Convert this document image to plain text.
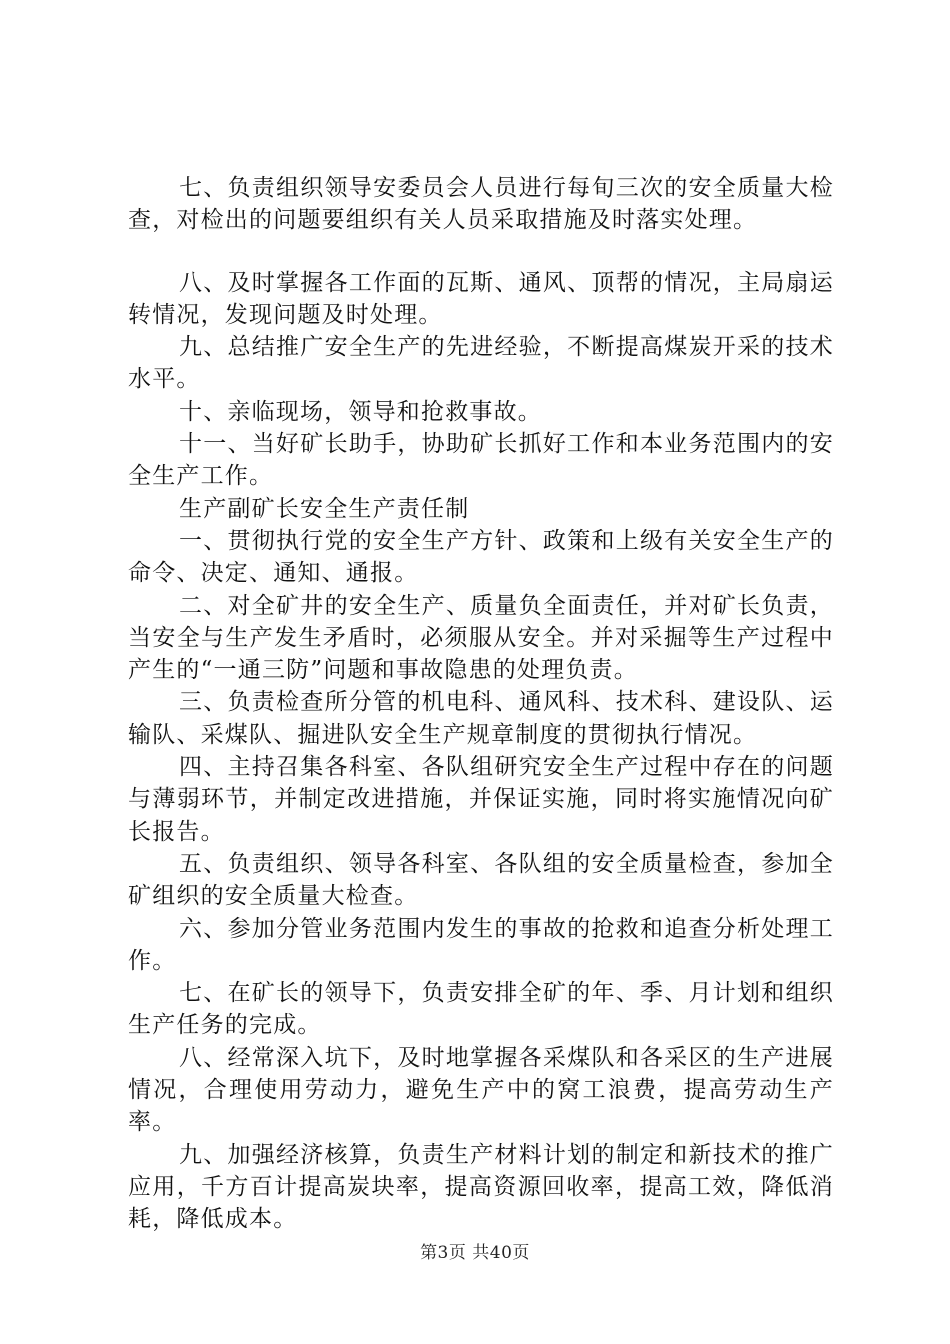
七、负责组织领导安委员会人员进行每旬三次的安全质量大检查，对检出的问题要组织有关人员采取措施及时落实处理。

八、及时掌握各工作面的瓦斯、通风、顶帮的情况，主局扇运转情况，发现问题及时处理。

九、总结推广安全生产的先进经验，不断提高煤炭开采的技术水平。

十、亲临现场，领导和抢救事故。

十一、当好矿长助手，协助矿长抓好工作和本业务范围内的安全生产工作。

生产副矿长安全生产责任制

一、贯彻执行党的安全生产方针、政策和上级有关安全生产的命令、决定、通知、通报。

二、对全矿井的安全生产、质量负全面责任，并对矿长负责，当安全与生产发生矛盾时，必须服从安全。并对采掘等生产过程中产生的“一通三防”问题和事故隐患的处理负责。

三、负责检查所分管的机电科、通风科、技术科、建设队、运输队、采煤队、掘进队安全生产规章制度的贯彻执行情况。

四、主持召集各科室、各队组研究安全生产过程中存在的问题与薄弱环节，并制定改进措施，并保证实施，同时将实施情况向矿长报告。

五、负责组织、领导各科室、各队组的安全质量检查，参加全矿组织的安全质量大检查。

六、参加分管业务范围内发生的事故的抢救和追查分析处理工作。

七、在矿长的领导下，负责安排全矿的年、季、月计划和组织生产任务的完成。

八、经常深入坑下，及时地掌握各采煤队和各采区的生产进展情况，合理使用劳动力，避免生产中的窝工浪费，提高劳动生产率。

九、加强经济核算，负责生产材料计划的制定和新技术的推广应用，千方百计提高炭块率，提高资源回收率，提高工效，降低消耗，降低成本。

第3页 共40页
